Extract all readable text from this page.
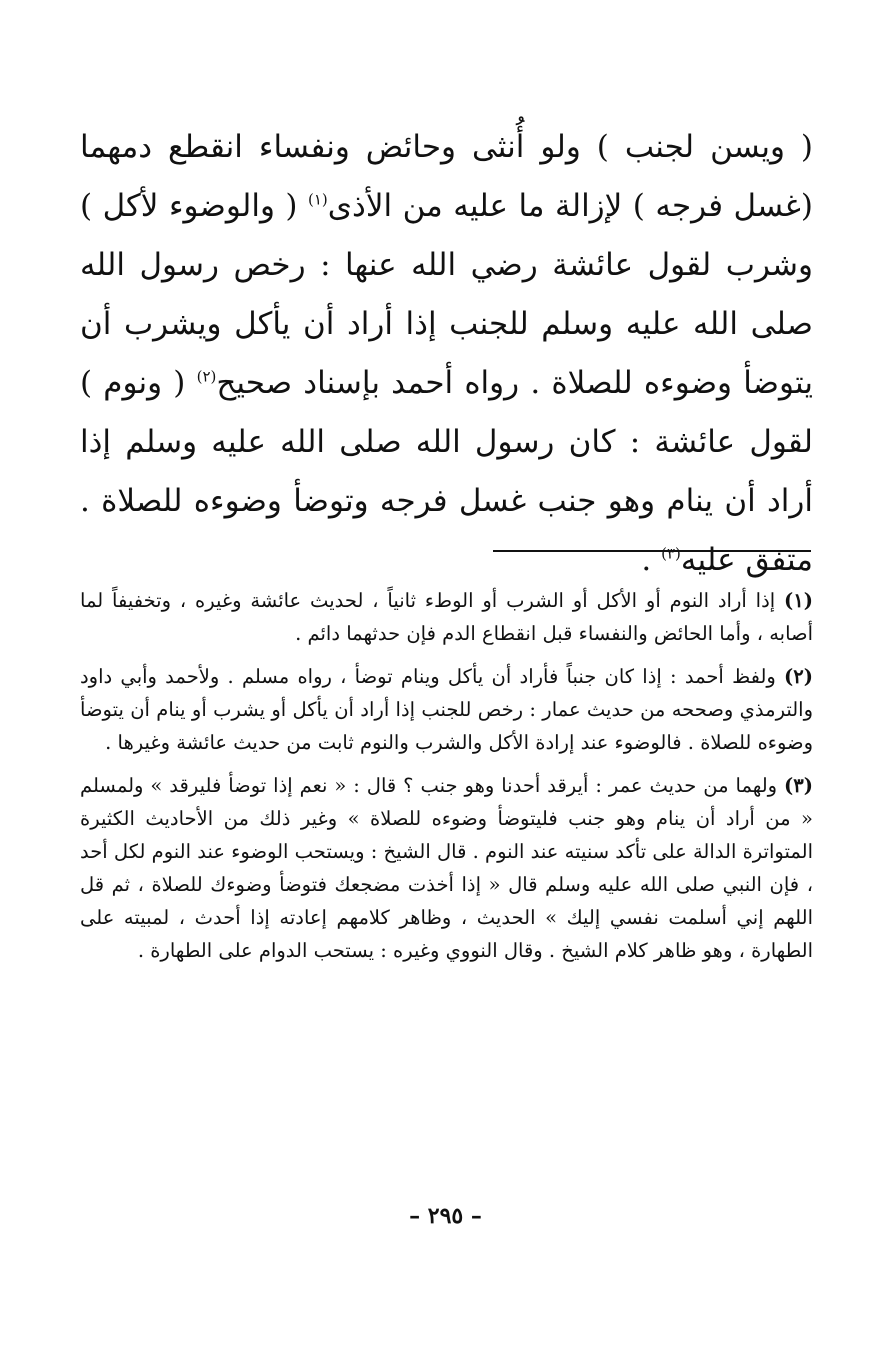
( ويسن لجنب ) ولو أُنثى وحائض ونفساء انقطع دمهما (غسل فرجه ) لإزالة ما عليه من الأذى$^{(١)}$ ( والوضوء لأكل ) وشرب لقول عائشة رضي الله عنها : رخص رسول الله صلى الله عليه وسلم للجنب إذا أراد أن يأكل ويشرب أن يتوضأ وضوءه للصلاة . رواه أحمد بإسناد صحيح$^{(٢)}$ ( ونوم ) لقول عائشة : كان رسول الله صلى الله عليه وسلم إذا أراد أن ينام وهو جنب غسل فرجه وتوضأ وضوءه للصلاة . متفق عليه$^{(٣)}$ .

(١) إذا أراد النوم أو الأكل أو الشرب أو الوطء ثانياً ، لحديث عائشة وغيره ، وتخفيفاً لما أصابه ، وأما الحائض والنفساء قبل انقطاع الدم فإن حدثهما دائم .

(٢) ولفظ أحمد : إذا كان جنباً فأراد أن يأكل وينام توضأ ، رواه مسلم . ولأحمد وأبي داود والترمذي وصححه من حديث عمار : رخص للجنب إذا أراد أن يأكل أو يشرب أو ينام أن يتوضأ وضوءه للصلاة . فالوضوء عند إرادة الأكل والشرب والنوم ثابت من حديث عائشة وغيرها .

(٣) ولهما من حديث عمر : أيرقد أحدنا وهو جنب ؟ قال : « نعم إذا توضأ فليرقد » ولمسلم « من أراد أن ينام وهو جنب فليتوضأ وضوءه للصلاة » وغير ذلك من الأحاديث الكثيرة المتواترة الدالة على تأكد سنيته عند النوم . قال الشيخ : ويستحب الوضوء عند النوم لكل أحد ، فإن النبي صلى الله عليه وسلم قال « إذا أخذت مضجعك فتوضأ وضوءك للصلاة ، ثم قل اللهم إني أسلمت نفسي إليك » الحديث ، وظاهر كلامهم إعادته إذا أحدث ، لمبيته على الطهارة ، وهو ظاهر كلام الشيخ . وقال النووي وغيره : يستحب الدوام على الطهارة .

– ٢٩٥ –
